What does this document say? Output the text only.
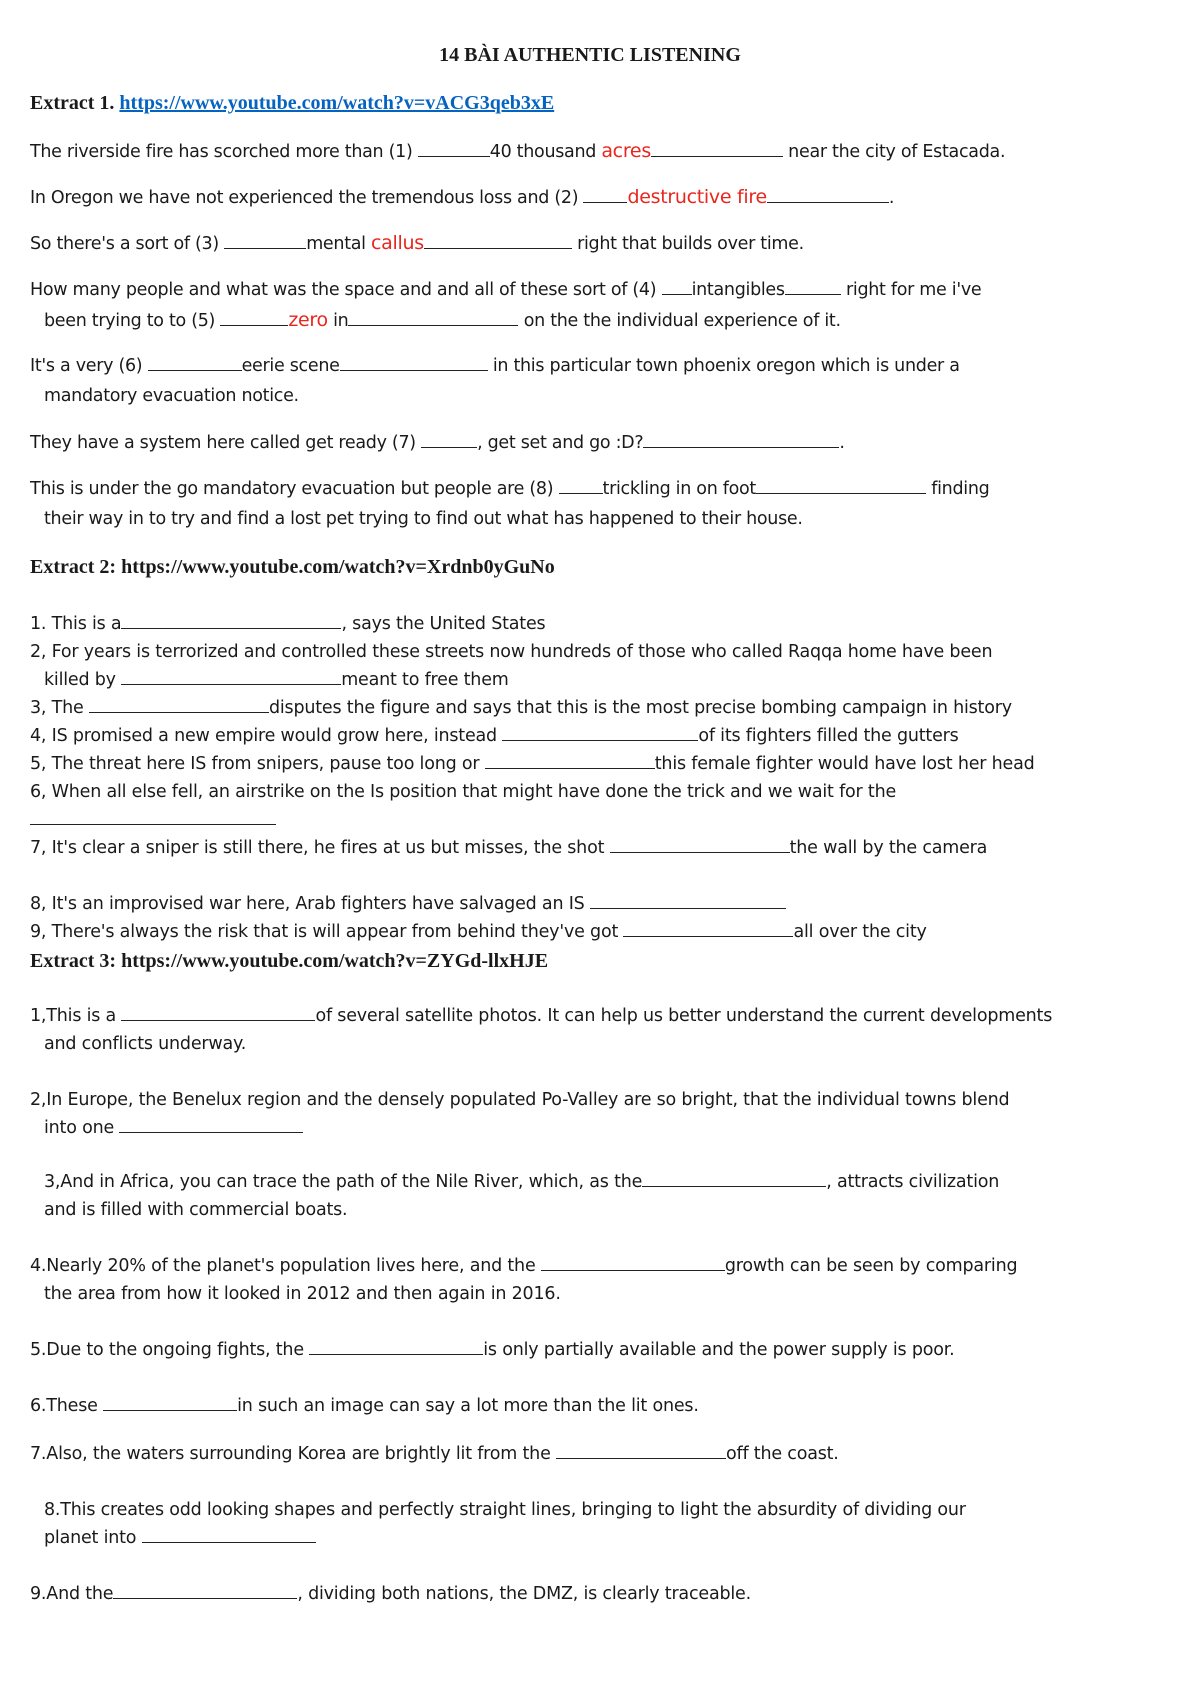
14 BÀI AUTHENTIC LISTENING
Extract 1. https://www.youtube.com/watch?v=vACG3qeb3xE
The riverside fire has scorched more than (1)	40 thousand acres	near the city of Estacada.
In Oregon we have not experienced the tremendous loss and (2) destructive fire	.
So there's a sort of (3)	mental callus	right that builds over time.
How many people and what was the space and and all of these sort of (4) intangibles	right for me i've
been trying to to (5)	zero in	on the the individual experience of it.
It's a very (6)	eerie scene	in this particular town phoenix oregon which is under a
mandatory evacuation notice.
They have a system here called get ready (7)	, get set and go :D?	.
This is under the go mandatory evacuation but people are (8)	trickling in on foot	finding
their way in to try and find a lost pet trying to find out what has happened to their house.
Extract 2: https://www.youtube.com/watch?v=Xrdnb0yGuNo
1. This is a	, says the United States
2, For years is terrorized and controlled these streets now hundreds of those who called Raqqa home have been
killed by	meant to free them
3, The	disputes the figure and says that this is the most precise bombing campaign in history
4, IS promised a new empire would grow here, instead	of its fighters filled the gutters
5, The threat here IS from snipers, pause too long or	this female fighter would have lost her head
6, When all else fell, an airstrike on the Is position that might have done the trick and we wait for the
7, It's clear a sniper is still there, he fires at us but misses, the shot	the wall by the camera
8, It's an improvised war here, Arab fighters have salvaged an IS
9, There's always the risk that is will appear from behind they've got	all over the city
Extract 3: https://www.youtube.com/watch?v=ZYGd-llxHJE
1,This is a	of several satellite photos. It can help us better understand the current developments
and conflicts underway.
2,In Europe, the Benelux region and the densely populated Po-Valley are so bright, that the individual towns blend
into one
3,And in Africa, you can trace the path of the Nile River, which, as the	, attracts civilization
and is filled with commercial boats.
4.Nearly 20% of the planet's population lives here, and the	growth can be seen by comparing
the area from how it looked in 2012 and then again in 2016.
5.Due to the ongoing fights, the	is only partially available and the power supply is poor.
6.These	in such an image can say a lot more than the lit ones.
7.Also, the waters surrounding Korea are brightly lit from the	off the coast.
8.This creates odd looking shapes and perfectly straight lines, bringing to light the absurdity of dividing our
planet into
9.And the	, dividing both nations, the DMZ, is clearly traceable.
